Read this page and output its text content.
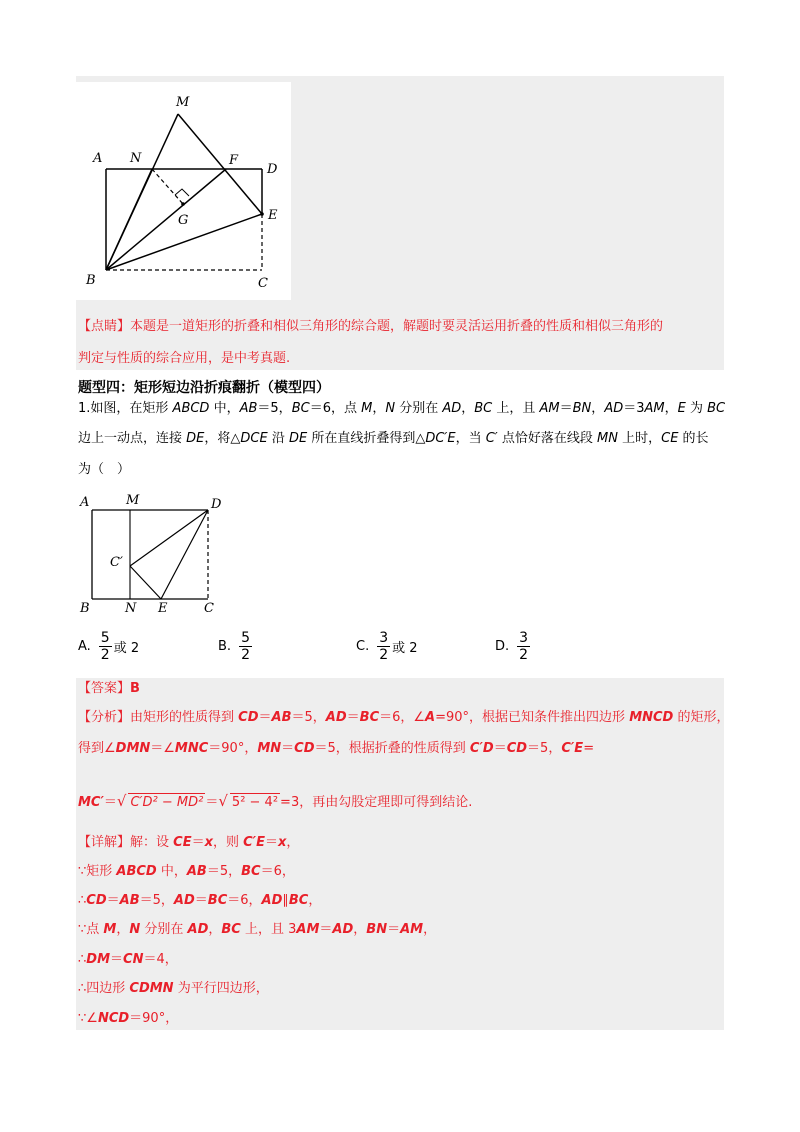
M
A N	F
D
G	E
B	C
【点睛】本题是一道矩形的折叠和相似三角形的综合题，解题时要灵活运用折叠的性质和相似三角形的
判定与性质的综合应用，是中考真题.
题型四：矩形短边沿折痕翻折（模型四）
1.如图，在矩形 ABCD 中，AB＝5，BC＝6，点 M，N 分别在 AD，BC 上，且 AM＝BN，AD＝3AM，E 为 BC
边上一动点，连接 DE，将△DCE 沿 DE 所在直线折叠得到△DC′E，当 C′ 点恰好落在线段 MN 上时，CE 的长
为（　）
A	M	D
C′
B	N E	C
A. $\frac{5}{2}$ 或 2	B. $\frac{5}{2}$	C. $\frac{3}{2}$ 或 2	D. $\frac{3}{2}$
【答案】B
【分析】由矩形的性质得到 CD＝AB＝5，AD＝BC＝6，∠A=90°，根据已知条件推出四边形 MNCD 的矩形，
得到∠DMN＝∠MNC＝90°，MN＝CD＝5，根据折叠的性质得到 C′D＝CD＝5，C′E=
MC′＝√ C′D² − MD² ＝√ 5² − 4² =3，再由勾股定理即可得到结论.
【详解】解：设 CE＝x，则 C′E＝x，
∵矩形 ABCD 中，AB＝5，BC＝6，
∴CD＝AB＝5，AD＝BC＝6，AD∥BC，
∵点 M，N 分别在 AD，BC 上，且 3AM＝AD，BN＝AM，
∴DM＝CN＝4，
∴四边形 CDMN 为平行四边形，
∵∠NCD＝90°，
